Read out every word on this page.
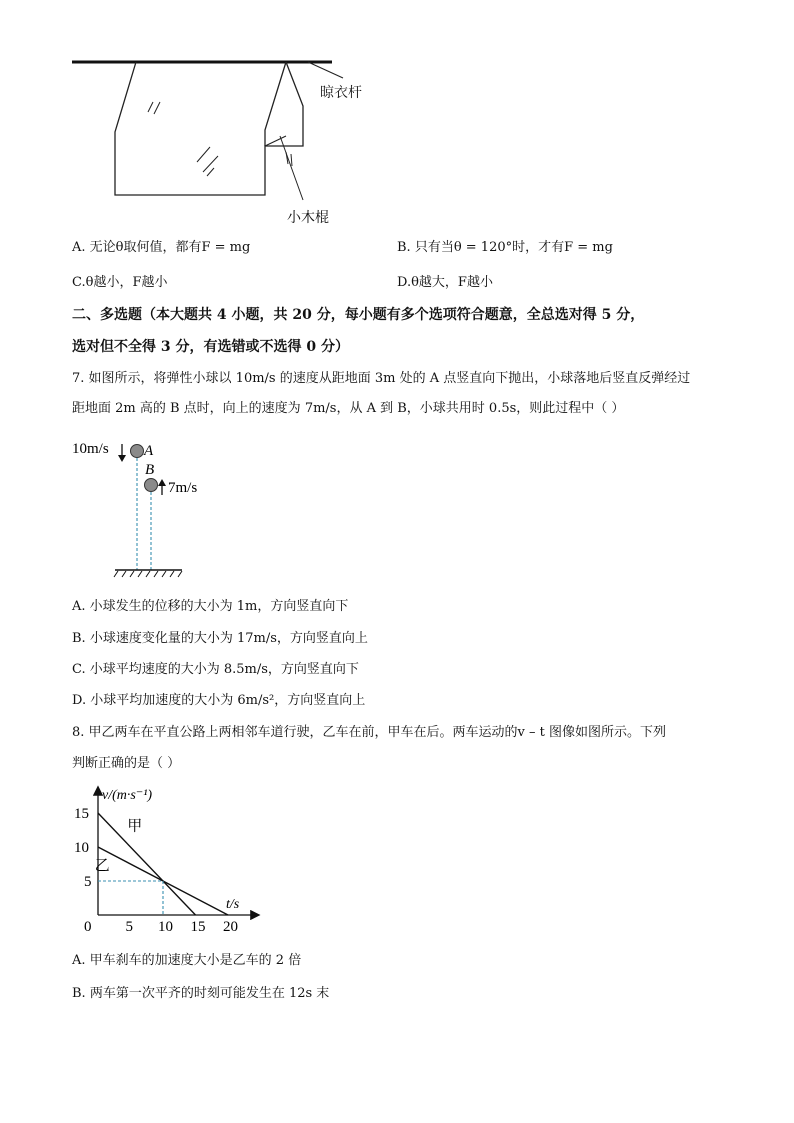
晾衣杆
小木棍
A. 无论θ取何值，都有F = mg	B. 只有当θ = 120°时，才有F = mg
C.θ越小，F越小	D.θ越大，F越小
二、多选题（本大题共 4 小题，共 20 分，每小题有多个选项符合题意，全总选对得 5 分，
选对但不全得 3 分，有选错或不选得 0 分）
7. 如图所示，将弹性小球以 10m/s 的速度从距地面 3m 处的 A 点竖直向下抛出，小球落地后竖直反弹经过
距地面 2m 高的 B 点时，向上的速度为 7m/s，从 A 到 B，小球共用时 0.5s，则此过程中（ ）
10m/s A
B
7m/s
A. 小球发生的位移的大小为 1m，方向竖直向下
B. 小球速度变化量的大小为 17m/s，方向竖直向上
C. 小球平均速度的大小为 8.5m/s，方向竖直向下
D. 小球平均加速度的大小为 6m/s²，方向竖直向上
8. 甲乙两车在平直公路上两相邻车道行驶，乙车在前，甲车在后。两车运动的v – t 图像如图所示。下列
判断正确的是（ ）
v/(m·s⁻¹)
t/s
0 5 10 15 20
5
10
15
甲
乙
A. 甲车刹车的加速度大小是乙车的 2 倍
B. 两车第一次平齐的时刻可能发生在 12s 末
